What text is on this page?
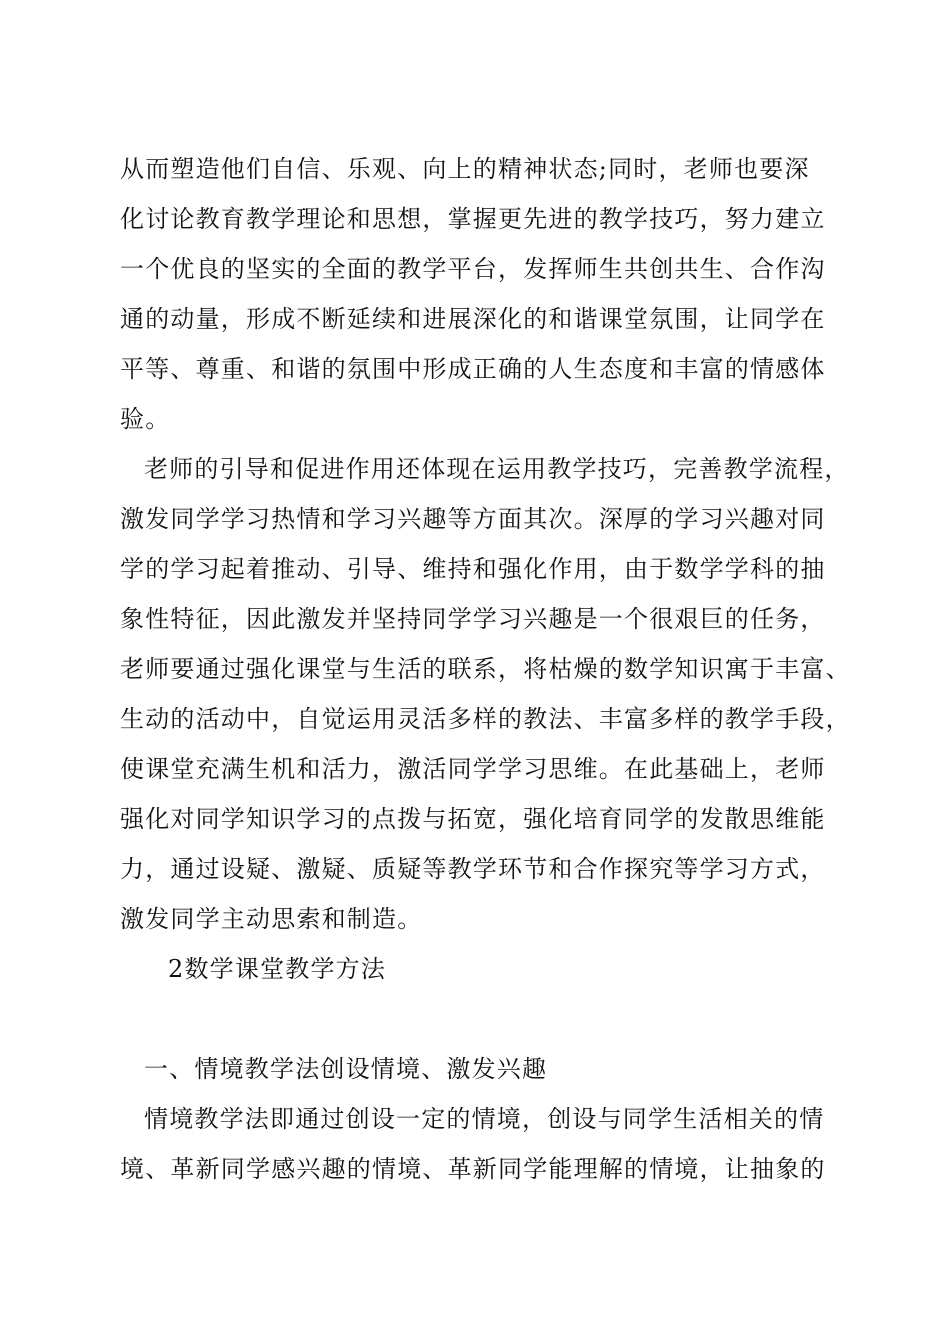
从而塑造他们自信、乐观、向上的精神状态;同时，老师也要深
化讨论教育教学理论和思想，掌握更先进的教学技巧，努力建立
一个优良的坚实的全面的教学平台，发挥师生共创共生、合作沟
通的动量，形成不断延续和进展深化的和谐课堂氛围，让同学在
平等、尊重、和谐的氛围中形成正确的人生态度和丰富的情感体
验。
老师的引导和促进作用还体现在运用教学技巧，完善教学流程，
激发同学学习热情和学习兴趣等方面其次。深厚的学习兴趣对同
学的学习起着推动、引导、维持和强化作用，由于数学学科的抽
象性特征，因此激发并坚持同学学习兴趣是一个很艰巨的任务，
老师要通过强化课堂与生活的联系，将枯燥的数学知识寓于丰富、
生动的活动中，自觉运用灵活多样的教法、丰富多样的教学手段，
使课堂充满生机和活力，激活同学学习思维。在此基础上，老师
强化对同学知识学习的点拨与拓宽，强化培育同学的发散思维能
力，通过设疑、激疑、质疑等教学环节和合作探究等学习方式，
激发同学主动思索和制造。
2数学课堂教学方法
一、情境教学法创设情境、激发兴趣
情境教学法即通过创设一定的情境，创设与同学生活相关的情
境、革新同学感兴趣的情境、革新同学能理解的情境，让抽象的
